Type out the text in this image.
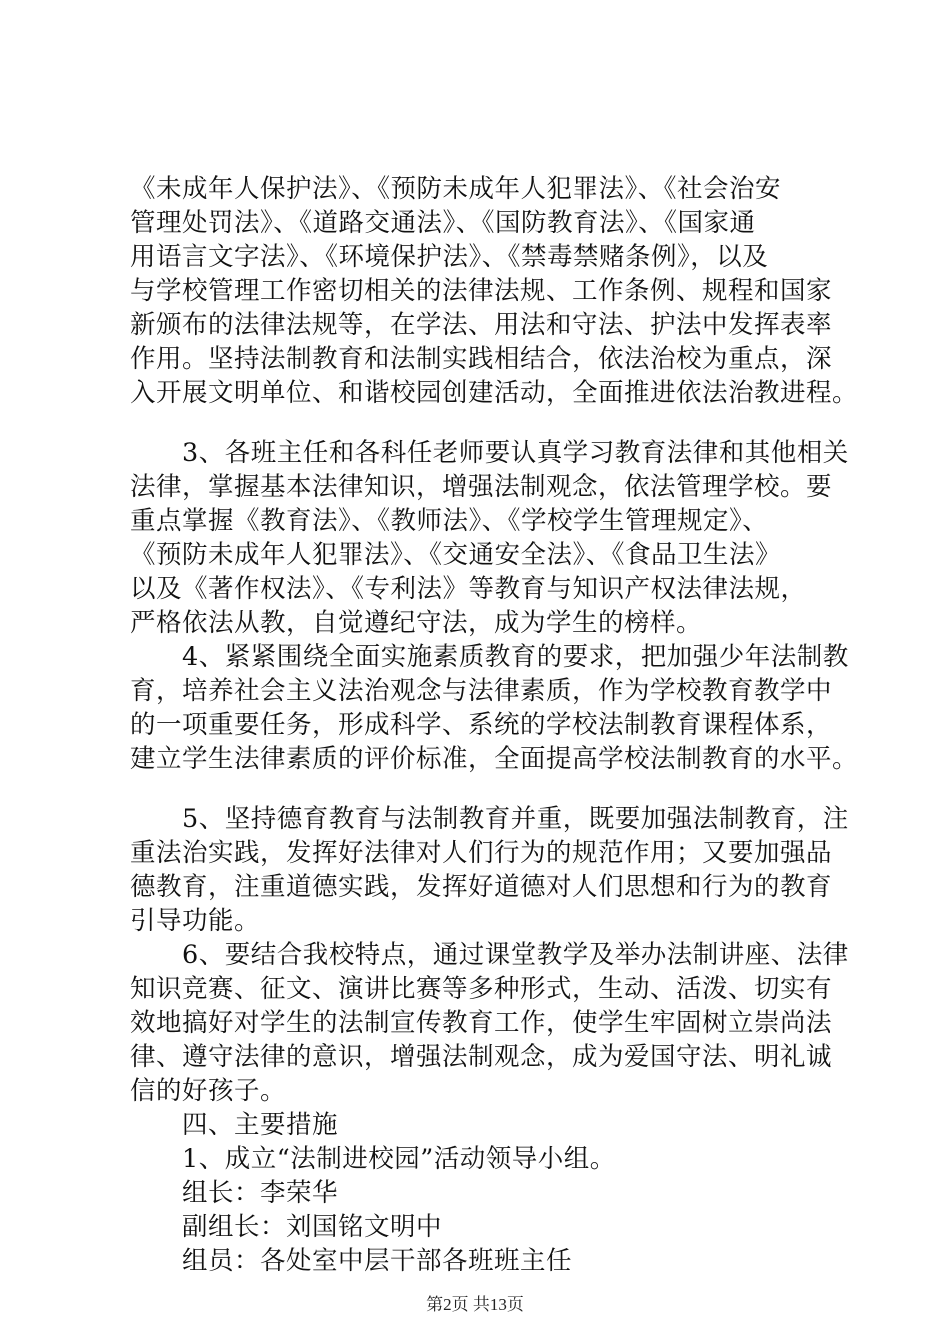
《未成年人保护法》、《预防未成年人犯罪法》、《社会治安
管理处罚法》、《道路交通法》、《国防教育法》、《国家通
用语言文字法》、《环境保护法》、《禁毒禁赌条例》，以及
与学校管理工作密切相关的法律法规、工作条例、规程和国家
新颁布的法律法规等，在学法、用法和守法、护法中发挥表率
作用。坚持法制教育和法制实践相结合，依法治校为重点，深
入开展文明单位、和谐校园创建活动，全面推进依法治教进程。
　　3、各班主任和各科任老师要认真学习教育法律和其他相关
法律，掌握基本法律知识，增强法制观念，依法管理学校。要
重点掌握《教育法》、《教师法》、《学校学生管理规定》、
《预防未成年人犯罪法》、《交通安全法》、《食品卫生法》
以及《著作权法》、《专利法》等教育与知识产权法律法规，
严格依法从教，自觉遵纪守法，成为学生的榜样。
　　4、紧紧围绕全面实施素质教育的要求，把加强少年法制教
育，培养社会主义法治观念与法律素质，作为学校教育教学中
的一项重要任务，形成科学、系统的学校法制教育课程体系，
建立学生法律素质的评价标准，全面提高学校法制教育的水平。
　　5、坚持德育教育与法制教育并重，既要加强法制教育，注
重法治实践，发挥好法律对人们行为的规范作用；又要加强品
德教育，注重道德实践，发挥好道德对人们思想和行为的教育
引导功能。
　　6、要结合我校特点，通过课堂教学及举办法制讲座、法律
知识竞赛、征文、演讲比赛等多种形式，生动、活泼、切实有
效地搞好对学生的法制宣传教育工作，使学生牢固树立崇尚法
律、遵守法律的意识，增强法制观念，成为爱国守法、明礼诚
信的好孩子。
　　四、主要措施
　　1、成立“法制进校园”活动领导小组。
　　组长：李荣华
　　副组长：刘国铭文明中
　　组员：各处室中层干部各班班主任
第2页 共13页
